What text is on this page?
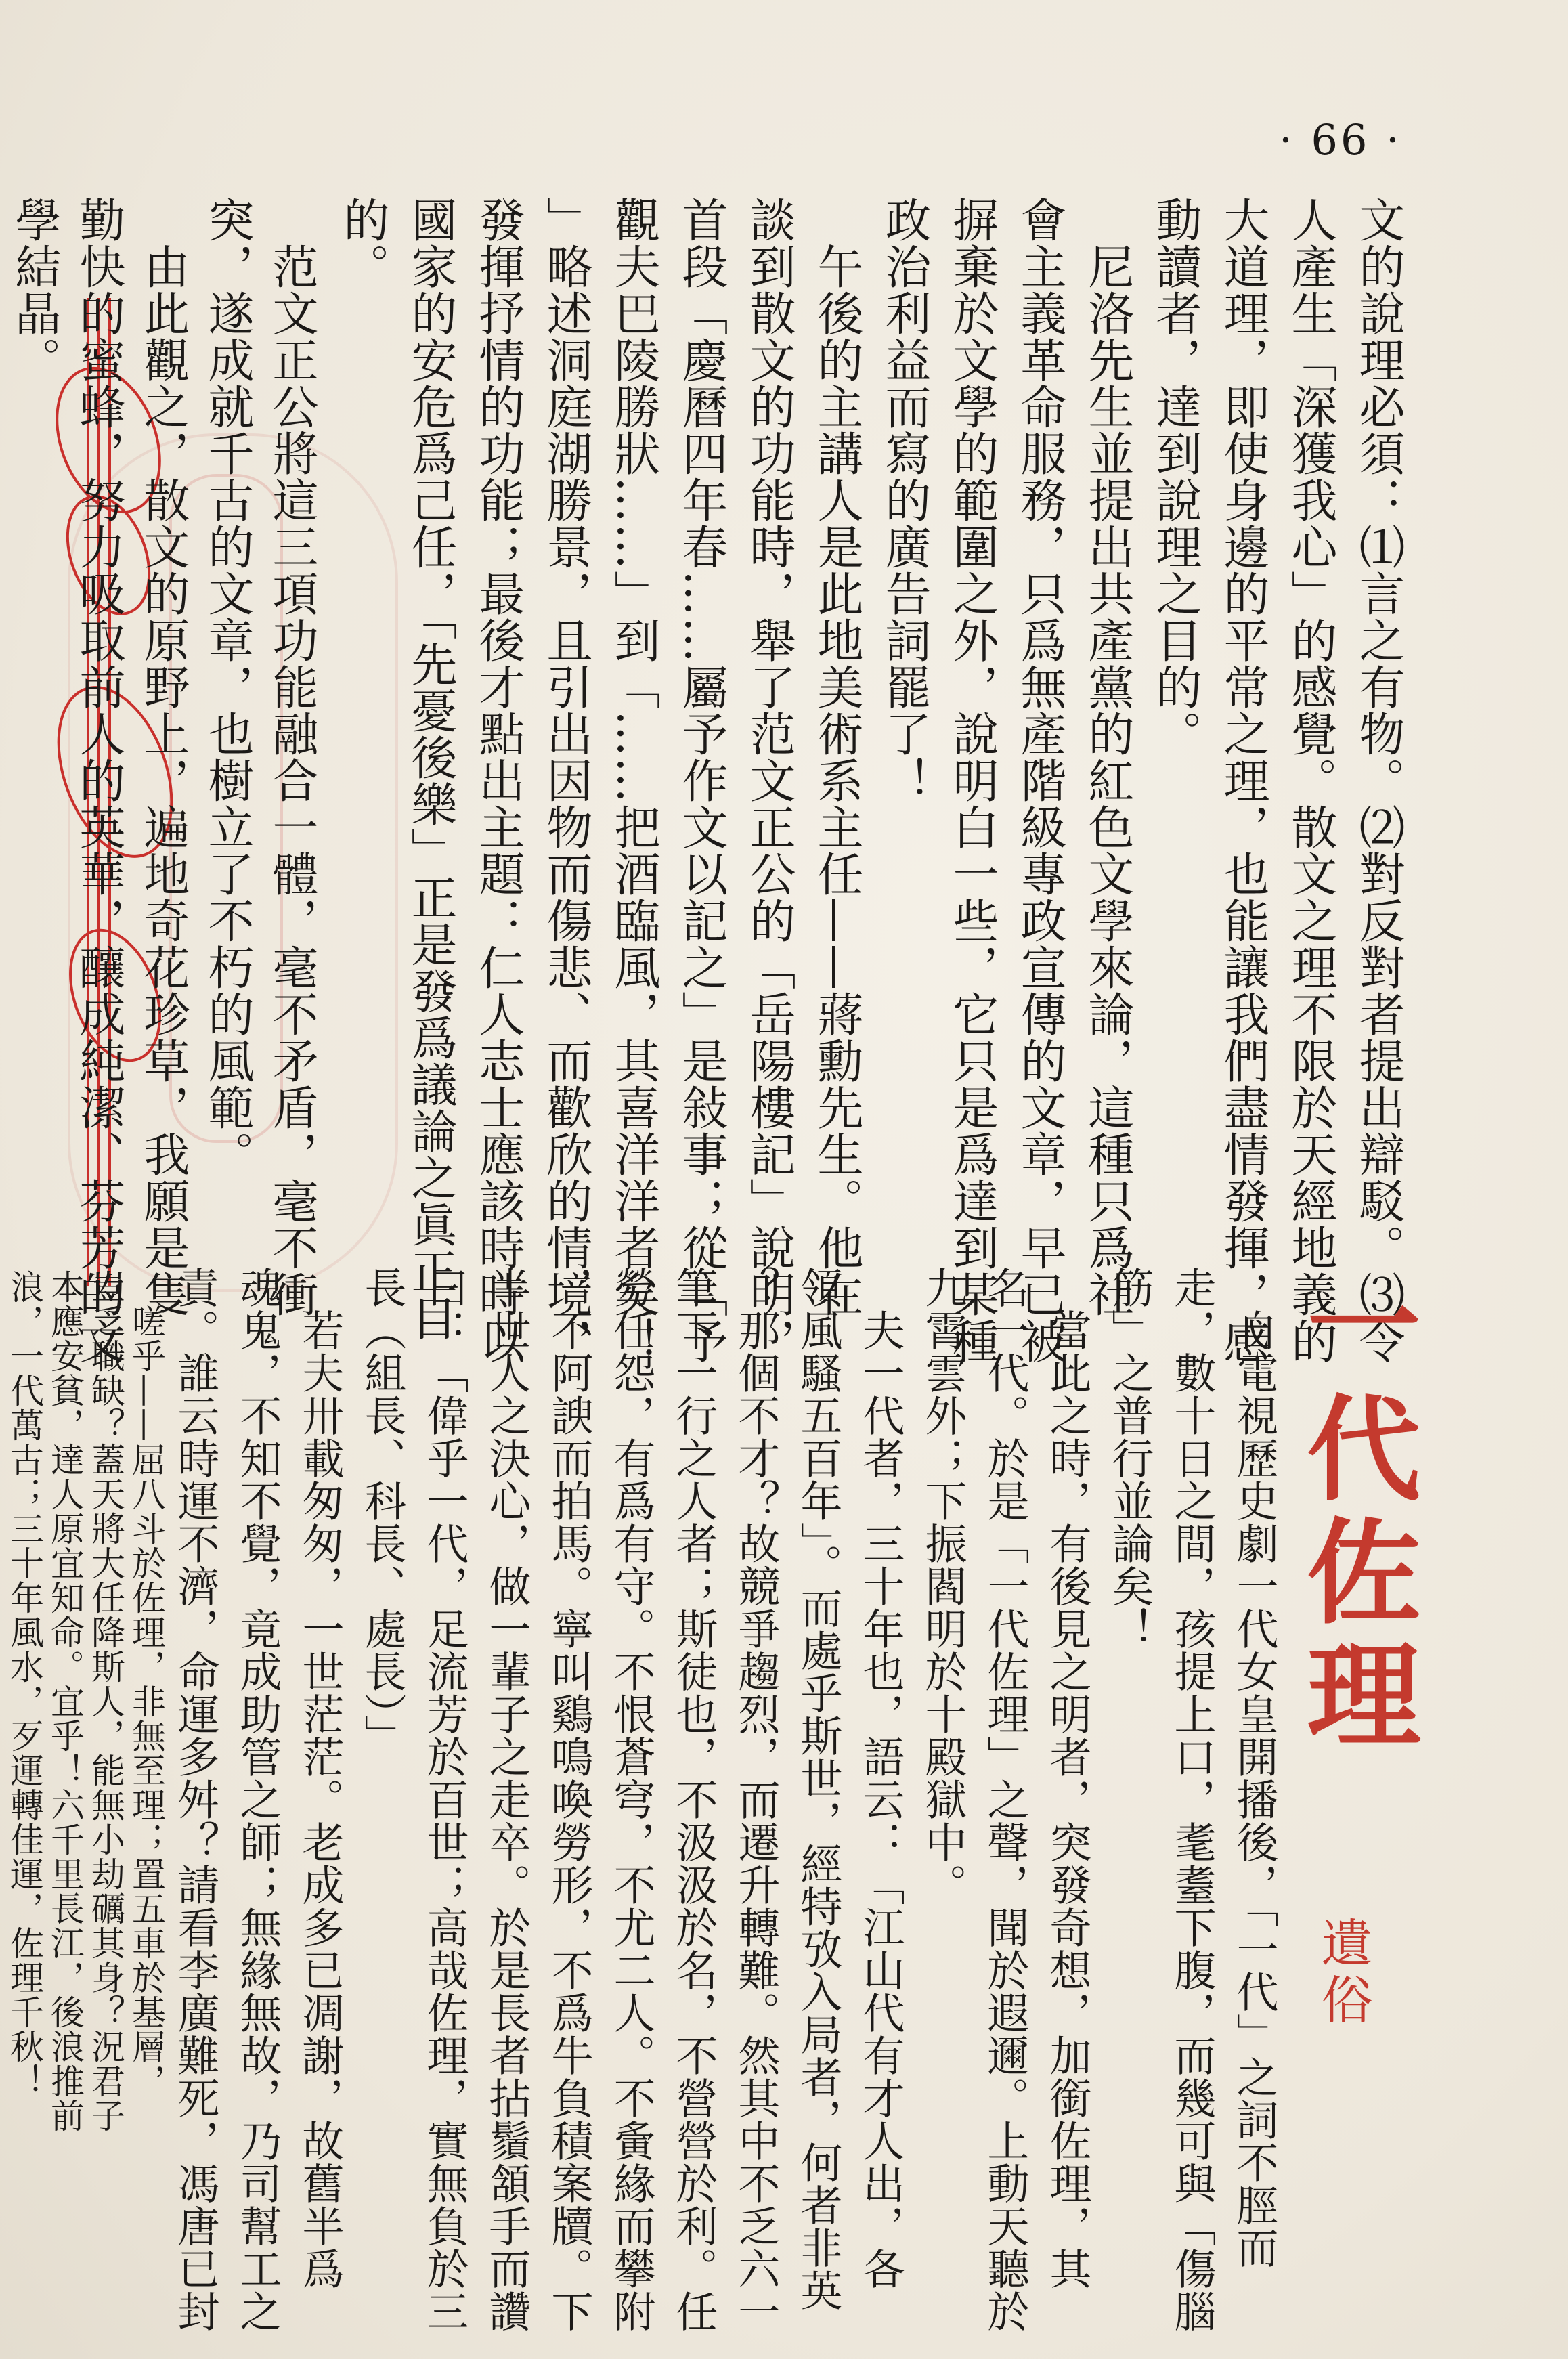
· 66 ·
文的說理必須：⑴言之有物。⑵對反對者提出辯駁。⑶令
人產生「深獲我心」的感覺。散文之理不限於天經地義的
大道理，即使身邊的平常之理，也能讓我們盡情發揮，感
動讀者，達到說理之目的。
　尼洛先生並提出共產黨的紅色文學來論，這種只爲社
會主義革命服務，只爲無產階級專政宣傳的文章，早已被
摒棄於文學的範圍之外，說明白一些，它只是爲達到某種
政治利益而寫的廣告詞罷了！
　午後的主講人是此地美術系主任——蔣勳先生。他在
談到散文的功能時，舉了范文正公的「岳陽樓記」說明，
首段「慶曆四年春……屬予作文以記之」是敍事；從「予
觀夫巴陵勝狀……」到「……把酒臨風，其喜洋洋者矣！
」略述洞庭湖勝景，且引出因物而傷悲、而歡欣的情境，
發揮抒情的功能；最後才點出主題：仁人志士應該時時以
國家的安危爲己任，「先憂後樂」正是發爲議論之眞正目
的。
　范文正公將這三項功能融合一體，毫不矛盾，毫不衝
突，遂成就千古的文章，也樹立了不朽的風範。
　由此觀之，散文的原野上，遍地奇花珍草，我願是隻
勤快的蜜蜂，努力吸取前人的英華，釀成純潔、芬芳的文
學結晶。
一代佐理
遺俗
　自電視歷史劇一代女皇開播後，「一代」之詞不脛而
走，數十日之間，孩提上口，耄耋下腹，而幾可與「傷腦
筋」之普行並論矣！
　當此之時，有後見之明者，突發奇想，加銜佐理，其
名一代。於是「一代佐理」之聲，聞於遐邇。上動天聽於
九霄雲外；下振閻明於十殿獄中。
　夫一代者，三十年也，語云：「江山代有才人出，各
領風騷五百年」。而處乎斯世，經特攷入局者，何者非英
？那個不才？故競爭趨烈，而遷升轉難。然其中不乏六一
筆下一行之人者；斯徒也，不汲汲於名，不營營於利。任
勞任怨，有爲有守。不恨蒼穹，不尤二人。不夤緣而攀附
，不阿諛而拍馬。寧叫鷄鳴喚勞形，不爲牛負積案牘。下
半世人之決心，做一輩子之走卒。於是長者拈鬚頷手而讚
曰：「偉乎一代，足流芳於百世；高哉佐理，實無負於三
長（組長、科長、處長）」
　若夫卅載匆匆，一世茫茫。老成多已凋謝，故舊半爲
魂鬼，不知不覺，竟成助管之師；無緣無故，乃司幫工之
責。誰云時運不濟，命運多舛？請看李廣難死，馮唐已封
　嗟乎——屈八斗於佐理，非無至理；置五車於基層，
豈乏職缺？蓋天將大任降斯人，能無小劫礪其身？況君子
本應安貧，達人原宜知命。宜乎！六千里長江，後浪推前
浪，一代萬古；三十年風水，歹運轉佳運，佐理千秋！
